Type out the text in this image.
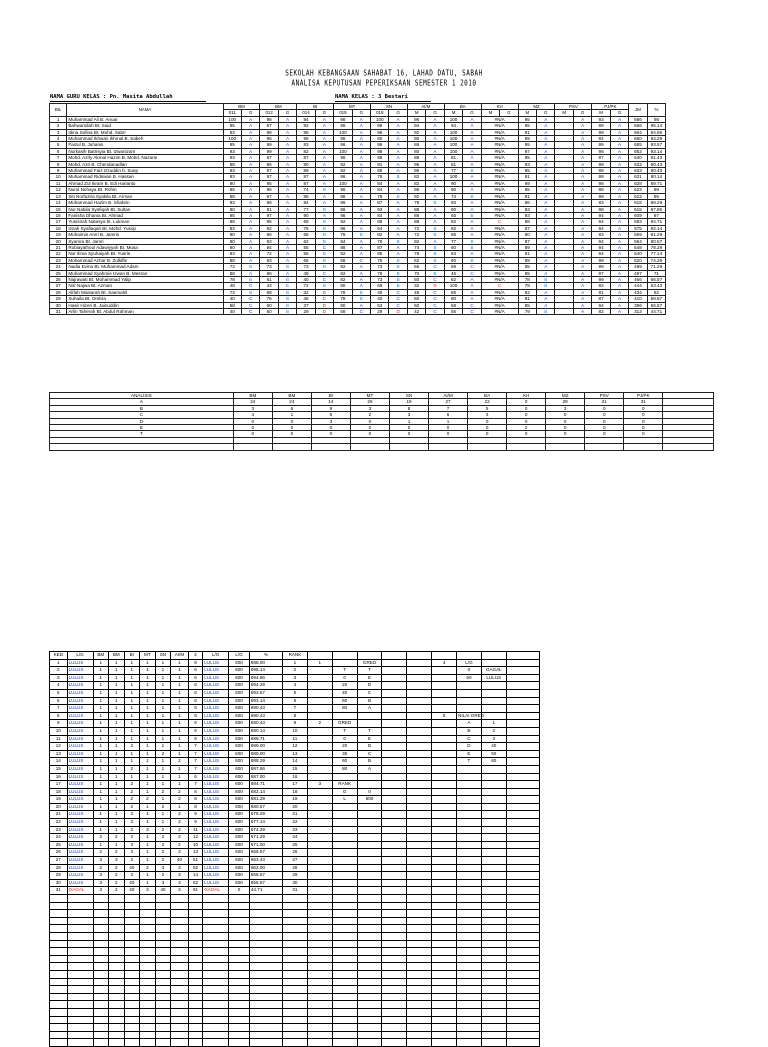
SEKOLAH KEBANGSAAN SAHABAT 16, LAHAD DATU, SABAH
ANALISA KEPUTUSAN PEPERIKSAAN SEMESTER 1 2010
NAMA GURU KELAS : Pn. Masita Abdullah	NAMA KELAS : 3 Bestari
BIL	NAMA	BM		BM		BI		MT		SN		AI/M		BA		KH		MZ		PSV		PJ/PK		JM	%
		011	G	012	G	014	G	015	G	018	G	M	G	M	G	M	G	M	G	M	G	M	G		
1	Muhammad Ali B. Anuar	100	A	98	A	94	A	98	A	100	A	96	A	100	A	#N/A		95	A		A	93	A	686	98
2	Bahwandiah Bt. Said	95	A	97	A	92	A	96	A	98	A	94	A	94	A	#N/A		95	A		A	99	A	666	95.14
3	Idina Sofina Bt. Mohd. Sabri	93	A	98	A	85	A	100	A	96	A	92	A	100	A	#N/A		91	A		A	99	A	664	94.86
4	Muhammad Ikhwan Ikhmal B. Sabeh	100	A	96	A	96	A	96	A	80	A	90	A	100	A	#N/A		89	A		A	94	A	660	94.29
5	Faizul B. Juhanis	95	A	99	A	83	A	96	A	96	A	86	A	100	A	#N/A		95	A		A	99	A	655	93.57
6	Nurkasih Batrisyia Bt. Izwanizam	93	A	99	A	82	A	100	A	98	A	80	A	100	A	#N/A		87	A		A	98	A	652	93.14
7	Mohd. Azrly Akmal Hazim B. Mohd. Nazarie	93	A	97	A	87	A	96	A	98	A	88	A	81	A	#N/A		95	A		A	97	A	640	91.43
8	Mohd. Azri B. Chendanadlan	98	A	95	A	80	A	92	A	91	A	96	A	81	A	#N/A		93	A		A	99	A	633	90.43
9	Muhammad Faiz Izzuddin b. Suep	93	A	97	A	89	A	92	A	89	A	96	A	77	B	#N/A		85	A		A	99	A	633	90.43
10	Muhammad Ridswan B. Hassan	93	A	97	A	87	A	96	A	76	B	82	A	100	A	#N/A		91	A		A	99	A	631	90.14
11	Ahmad Zul Ikram B. Edi Harianto	90	A	95	A	87	A	100	A	84	A	82	A	90	A	#N/A		89	A		A	98	A	628	89.71
12	Nurul Nohaya Bt. Rohin	85	A	96	A	74	B	96	A	84	A	96	A	90	A	#N/A		85	A		A	98	A	623	89
13	Siti Norfazira Syakila Bt. Arman	98	A	97	A	85	A	98	A	78	B	92	A	74	B	#N/A		81	A		A	99	A	623	89
14	Muhammad Hazim B. Shabrin	93	A	96	A	84	A	96	A	87	A	79	B	93	A	#N/A		86	A		A	93	A	618	88.29
15	Nur Nabila Syafiqah Bt. Sultan	90	A	81	A	77	B	96	A	93	A	88	A	90	A	#N/A		83	A		A	98	A	615	87.86
16	Fanisha Dhania Bt. Ahmad	95	A	97	A	90	A	96	A	84	A	86	A	65	B	#N/A		93	A		A	94	A	609	87
17	Yusninah Natasya bt. Lukman	88	A	95	A	69	B	92	A	89	A	88	A	82	A	C		88	A		A	94	A	593	84.71
18	Izzah Syafiaqah Bt. Mohd. Yusop	83	A	82	A	76	B	96	A	64	A	72	B	82	A	#N/A		87	A		A	94	A	575	82.14
19	Muhaimin Amri B. Jamris	90	A	95	A	68	B	76	B	82	A	72	B	86	A	#N/A		80	A		A	93	A	569	81.29
20	Syamra Bt. Jamri	90	A	83	A	62	B	84	A	76	B	92	A	77	B	#N/A		87	A		A	94	A	564	80.57
21	Robiayathoul Adawiyyah Bt. Musa	90	A	94	A	55	C	88	A	87	A	74	B	60	B	#N/A		89	A		A	94	A	548	78.29
22	Nur Ilima Syuhaiyah Bt. Yusrie	83	A	72	A	55	C	82	A	86	A	78	B	84	A	#N/A		91	A		A	94	A	540	77.14
23	Mohammad Azhar B. Zulkifle	88	A	93	A	66	B	56	C	75	B	62	B	60	B	#N/A		89	A		A	99	A	520	74.29
24	Nadia Evina Bt. Muhammad Adam	73	B	73	B	73	B	92	A	73	B	56	C	59	C	#N/A		85	A		A	99	A	499	71.29
25	Muhammad Syahmie Izwan B. Mesran	88	A	86	A	49	C	62	A	76	B	70	B	46	C	#N/A		85	A		A	97	A	497	71
26	Najrawati Bt. Mohammad Yalip	78	B	61	B	40	C	82	A	73	B	50	C	82	A	#N/A		78	B		A	99	A	466	66.57
27	Nor Najwa Bt. Azman	48	C	43	C	72	B	80	A	69	B	32	D	100	A	C		79	B		A	92	A	444	63.43
28	Alifah Maisarah Bt. Saemahil	73	B	68	B	32	D	78	B	49	C	48	C	86	A	#N/A		82	A		A	91	A	434	62
29	Suhaila Bt. Ombra	40	C	76	B	46	C	78	B	40	C	50	C	80	A	#N/A		81	A		A	87	A	410	58.57
30	Hasir Hizeri B. Jainuddin	58	C	60	B	37	D	80	A	53	C	50	C	58	C	#N/A		85	A		A	94	A	396	56.57
31	Arlin Taherah Bt. Abdul Rahman	40	C	60	B	29	D	58	C	29	D	42	C	55	C	#N/A		79	B		A	82	A	313	44.71
ANALISIS	BM	BM	BI	MT	SN	AI/M	BA	KH	MZ	PSV	PJ/PK	
A	24	24	14	26	19	27	22	0	28	31	31	
B	3	6	9	3	8	7	5	0	3	0	0	
C	4	1	5	2	3	6	4	0	0	0	0	
D	0	0	3	0	1	1	0	0	0	0	0	
E	0	0	0	0	0	0	0	2	0	0	0	
T	0	0	0	0	0	0	0	0	0	0	0	

KED	L/G	BM	BM	BI	MT	SN	AI/M	2	L/G	L/G	%	RANK									
1	LULUS	1	1	1	1	1	1	6	LULUS	600	698.00	1	1		GRED			4	L/G		
2	LULUS	1	1	1	1	1	1	6	LULUS	600	695.14	2		T	T				0	GAGAL	
3	LULUS	1	1	1	1	1	1	6	LULUS	600	694.86	3		0	E				50	LULUS	
4	LULUS	1	1	1	1	1	1	6	LULUS	600	694.29	4		20	D						
5	LULUS	1	1	1	1	1	1	6	LULUS	600	693.57	5		40	C						
6	LULUS	1	1	1	1	1	1	6	LULUS	600	693.14	6		60	B						
7	LULUS	1	1	1	1	1	1	6	LULUS	600	690.43	7		80	A						
8	LULUS	1	1	1	1	1	1	6	LULUS	600	690.43	8						5	NILAI GRED		
9	LULUS	1	1	1	1	1	1	6	LULUS	600	690.43	9	2	GRED					A	1	
10	LULUS	1	1	1	1	1	1	6	LULUS	600	690.14	10		T	T				B	2	
11	LULUS	1	1	1	1	1	1	6	LULUS	600	689.71	11		0	E				C	3	
12	LULUS	1	1	2	1	1	1	7	LULUS	600	689.00	12		20	D				D	40	
13	LULUS	1	1	1	1	2	1	7	LULUS	600	689.00	13		35	C				E	50	
14	LULUS	1	1	1	1	1	2	7	LULUS	600	688.29	14		60	B				T	60	
15	LULUS	1	1	2	1	1	1	7	LULUS	600	687.86	15		80	A						
16	LULUS	1	1	1	1	1	1	6	LULUS	600	687.00	16									
17	LULUS	1	1	2	1	1	1	7	LULUS	600	684.71	17	3	RANK							
18	LULUS	1	1	2	1	2	2	8	LULUS	600	682.14	18		G	0						
19	LULUS	1	1	2	2	1	2	8	LULUS	600	681.29	19		L	600						
20	LULUS	1	1	2	1	2	1	8	LULUS	600	680.57	20									
21	LULUS	1	1	3	1	1	2	9	LULUS	600	678.29	21									
22	LULUS	1	1	3	1	1	2	9	LULUS	600	677.14	22									
23	LULUS	1	1	2	3	2	2	11	LULUS	600	674.29	23									
24	LULUS	2	2	2	1	2	3	12	LULUS	600	671.29	24									
25	LULUS	1	1	3	1	2	2	10	LULUS	600	671.00	25									
26	LULUS	2	2	3	1	2	3	13	LULUS	600	666.57	26									
27	LULUS	3	3	2	1	2	40	51	LULUS	600	663.43	27									
28	LULUS	2	2	40	2	3	3	52	LULUS	600	662.00	28									
29	LULUS	3	2	3	1	2	3	14	LULUS	600	658.57	29									
30	LULUS	3	2	40	1	3	3	52	LULUS	600	656.57	30									
31	GAGAL	3	2	40	3	40	3	91	GAGAL	0	44.71	31									
